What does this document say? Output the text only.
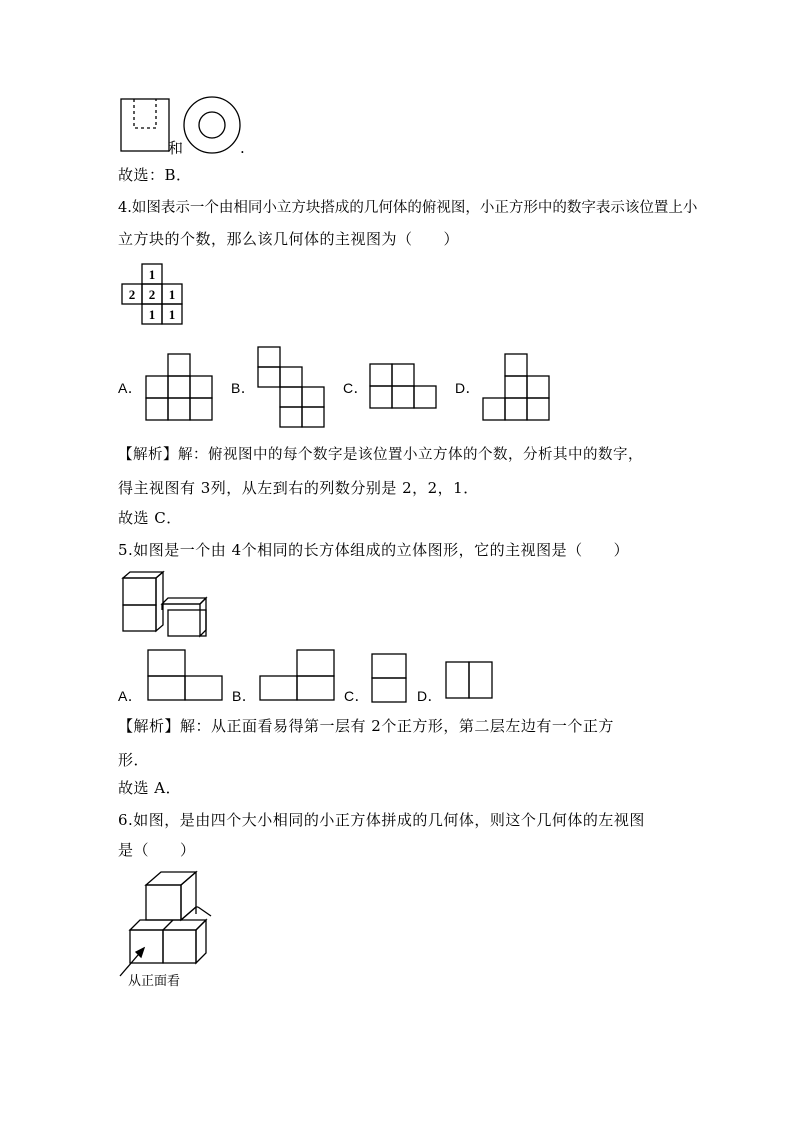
和	.
故选：B．
4.如图表示一个由相同小立方块搭成的几何体的俯视图，小正方形中的数字表示该位置上小
立方块的个数，那么该几何体的主视图为（　　）
1
2 2 1
1 1
A．	B．	C．	D．
【解析】解：俯视图中的每个数字是该位置小立方体的个数，分析其中的数字，
得主视图有 3列，从左到右的列数分别是 2，2，1．
故选 C．
5.如图是一个由 4个相同的长方体组成的立体图形，它的主视图是（　　）
A．	B．	C．	D．
【解析】解：从正面看易得第一层有 2个正方形，第二层左边有一个正方
形．
故选 A．
6.如图，是由四个大小相同的小正方体拼成的几何体，则这个几何体的左视图
是（　　）
从正面看
